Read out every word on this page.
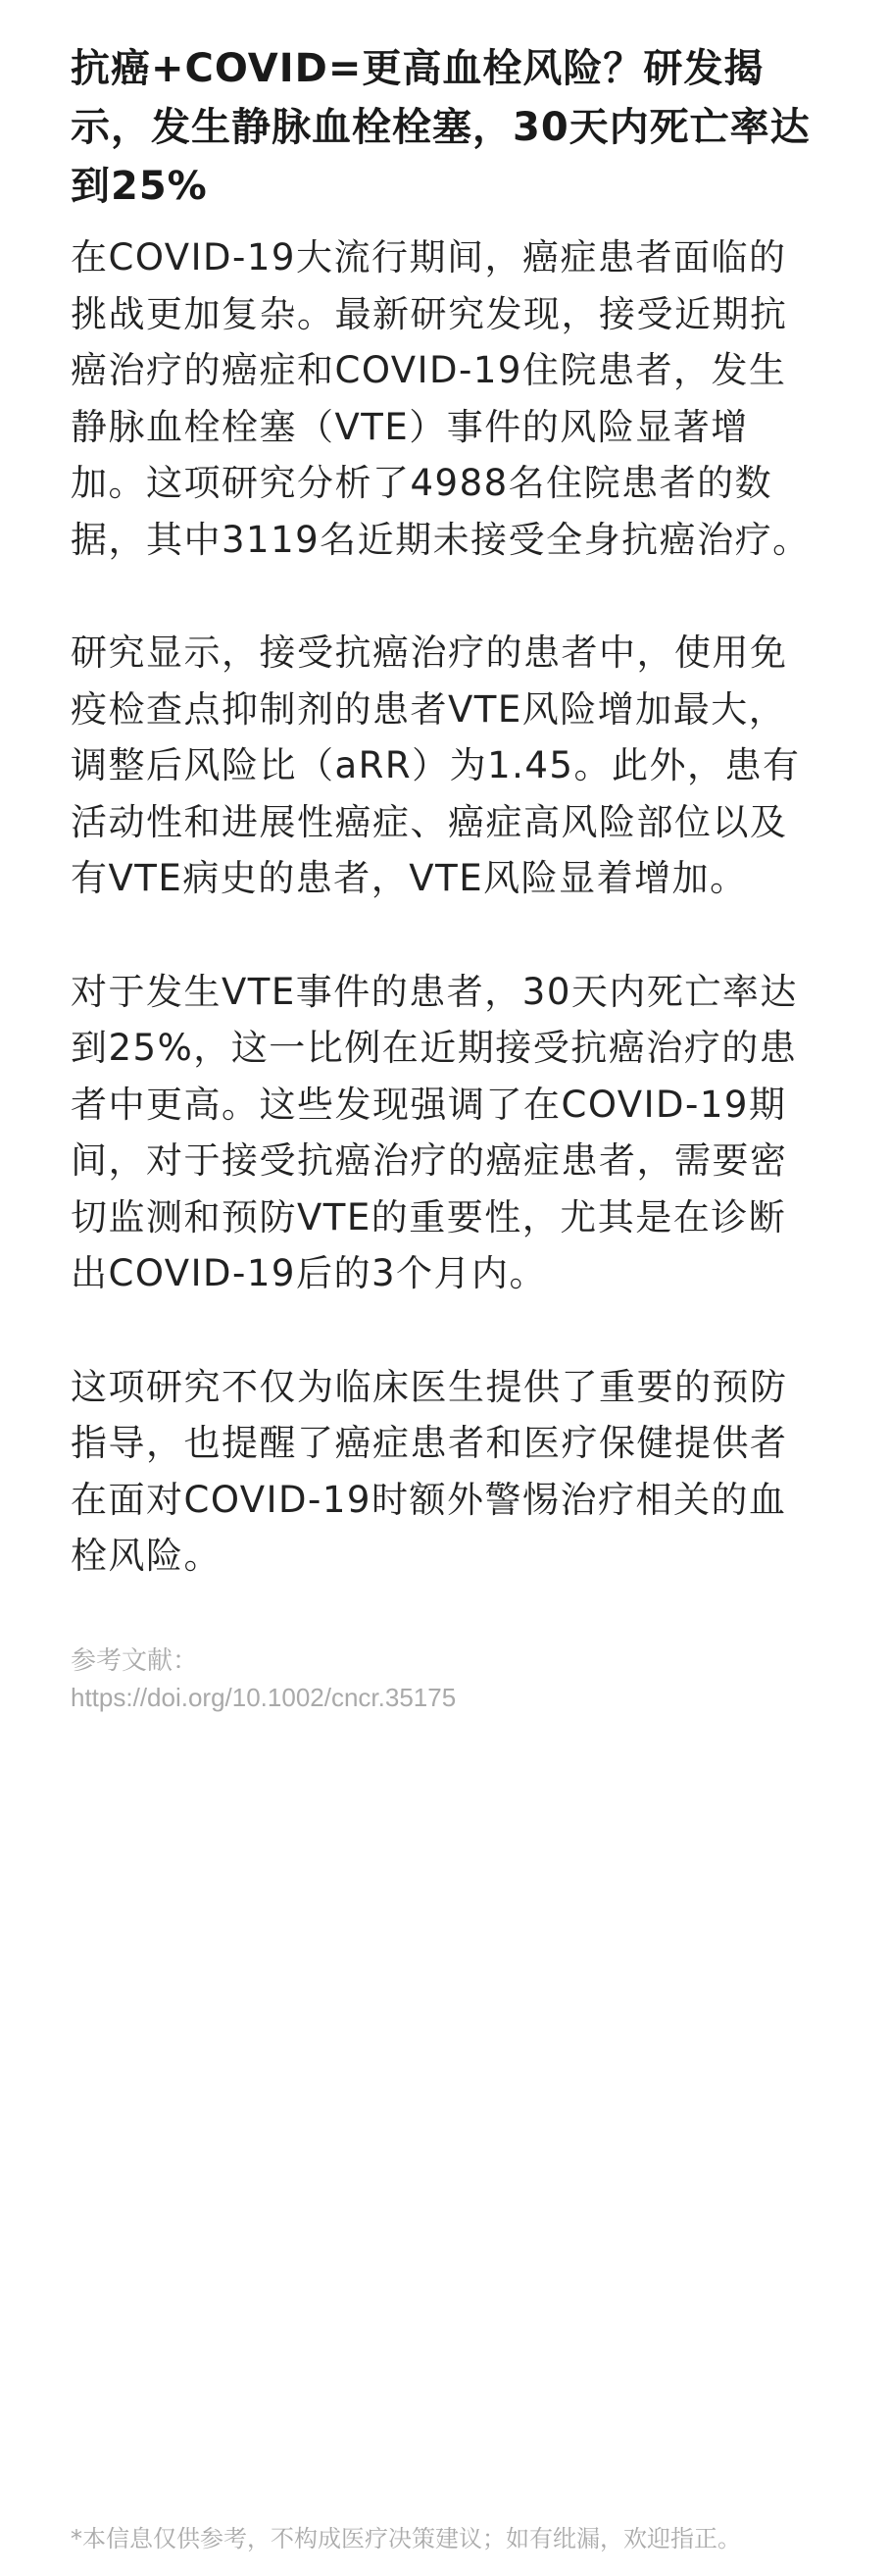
抗癌+COVID=更高血栓风险？研发揭示，发生静脉血栓栓塞，30天内死亡率达到25%

在COVID-19大流行期间，癌症患者面临的挑战更加复杂。最新研究发现，接受近期抗癌治疗的癌症和COVID-19住院患者，发生静脉血栓栓塞（VTE）事件的风险显著增加。这项研究分析了4988名住院患者的数据，其中3119名近期未接受全身抗癌治疗。

研究显示，接受抗癌治疗的患者中，使用免疫检查点抑制剂的患者VTE风险增加最大，调整后风险比（aRR）为1.45。此外，患有活动性和进展性癌症、癌症高风险部位以及有VTE病史的患者，VTE风险显着增加。

对于发生VTE事件的患者，30天内死亡率达到25%，这一比例在近期接受抗癌治疗的患者中更高。这些发现强调了在COVID-19期间，对于接受抗癌治疗的癌症患者，需要密切监测和预防VTE的重要性，尤其是在诊断出COVID-19后的3个月内。

这项研究不仅为临床医生提供了重要的预防指导，也提醒了癌症患者和医疗保健提供者在面对COVID-19时额外警惕治疗相关的血栓风险。

参考文献：

https://doi.org/10.1002/cncr.35175

*本信息仅供参考，不构成医疗决策建议；如有纰漏，欢迎指正。
